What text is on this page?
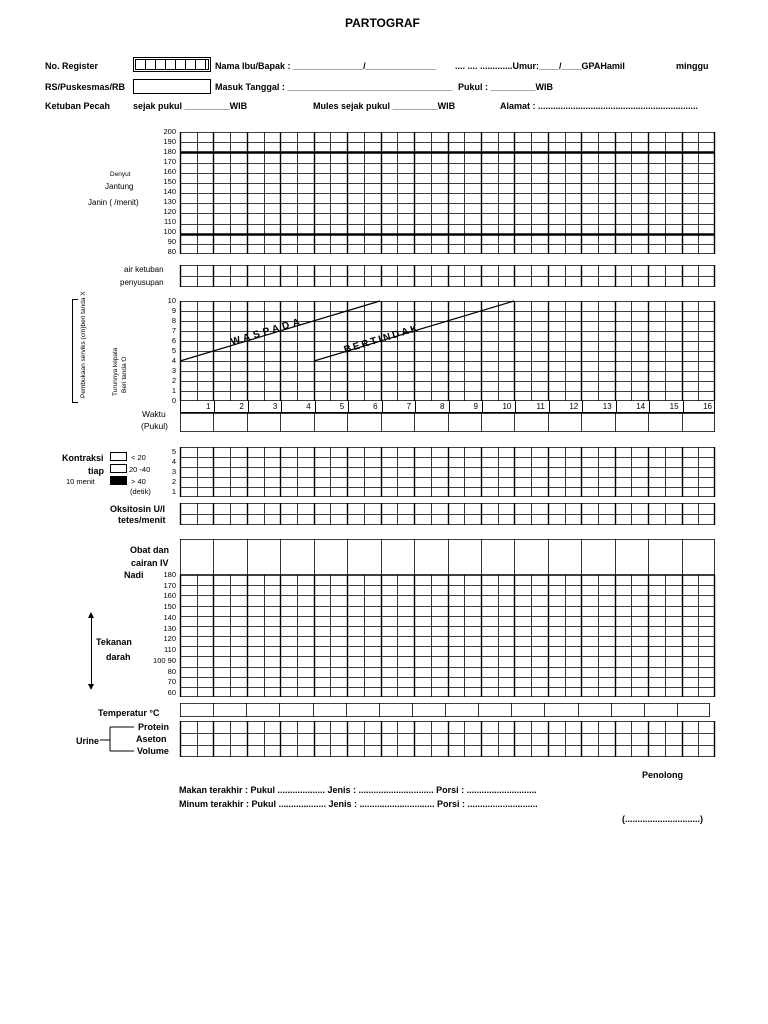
PARTOGRAF
No. Register	Nama Ibu/Bapak : ______________/______________ .... .... .............Umur:____/____GPAHamil	minggu
RS/Puskesmas/RB	Masuk Tanggal : _________________________________ Pukul : _________WIB
Ketuban Pecah	sejak pukul _________WIB	Mules sejak pukul _________WIB	Alamat : ................................................................
Denyut
Jantung
Janin ( /menit)
200
190
180
170
160
150
140
130
120
110
100
90
80
air ketuban
penyusupan
Pembukaan serviks (cm)beri tanda X	Turunnya kepala Beri tanda O
10
9
8
7
6
5
4
3
2
1
0
WASPADA	BERTINDAK
1	2	3	4	5	6	7	8	9	10	11	12	13	14	15	16
Waktu
(Pukul)
Kontraksi
tiap
10 menit
< 20
20 -40
> 40
(detik)
5
4
3
2
1
Oksitosin U/I
tetes/menit
Obat dan
cairan IV
Nadi	180
170
160
150
140
130
120
110
100 90
80
70
60
Tekanan
darah
Temperatur °C
Urine
Protein
Aseton
Volume
Penolong
Makan terakhir : Pukul ................... Jenis : .............................. Porsi : ............................
Minum terakhir : Pukul ................... Jenis : .............................. Porsi : ............................
(..............................)
